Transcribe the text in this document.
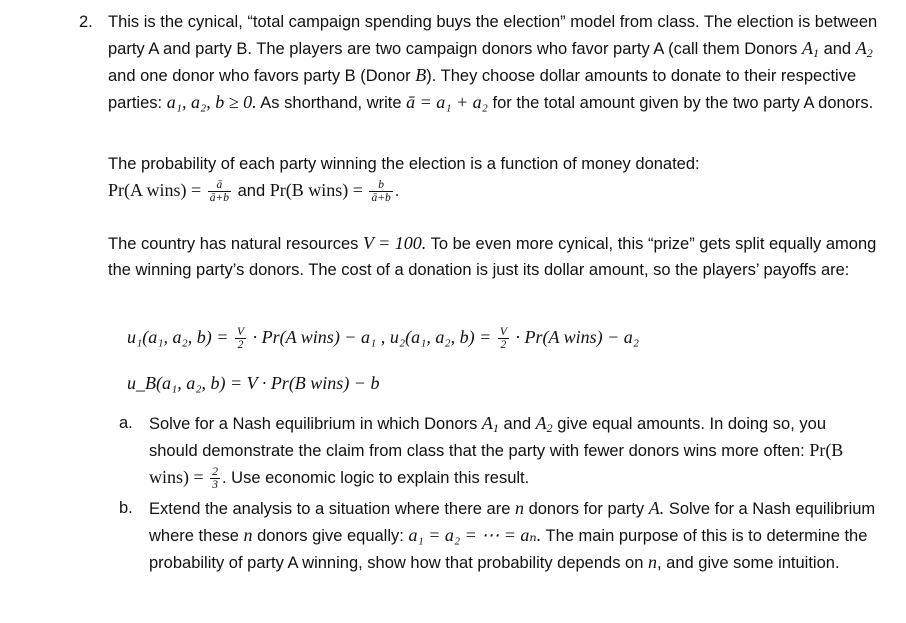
2. This is the cynical, “total campaign spending buys the election” model from class. The election is between party A and party B. The players are two campaign donors who favor party A (call them Donors $A_1$ and $A_2$ and one donor who favors party B (Donor B). They choose dollar amounts to donate to their respective parties: a₁, a₂, b ≥ 0. As shorthand, write ā = a₁ + a₂ for the total amount given by the two party A donors.

The probability of each party winning the election is a function of money donated:
Pr(A wins) = $\frac{ā}{ā+b}$ and Pr(B wins) = $\frac{b}{ā+b}$ .

The country has natural resources V = 100. To be even more cynical, this “prize” gets split equally among the winning party’s donors. The cost of a donation is just its dollar amount, so the players’ payoffs are:

u₁(a₁, a₂, $b) = \frac{V}{2} \cdot Pr(A$ wins) − a₁ , u₂(a₁, a₂, $b) = \frac{V}{2} \cdot Pr(A$ wins) − a₂
u_B(a₁, a₂, b) = V · Pr(B wins) − b
a. Solve for a Nash equilibrium in which Donors $A_1$ and $A_2$ give equal amounts. In doing so, you should demonstrate the claim from class that the party with fewer donors wins more often: Pr(B wins) = $\frac{2}{3}$ . Use economic logic to explain this result.

b. Extend the analysis to a situation where there are n donors for party A. Solve for a Nash equilibrium where these n donors give equally: a₁ = a₂ = ⋯ = aₙ. The main purpose of this is to determine the probability of party A winning, show how that probability depends on n, and give some intuition.
